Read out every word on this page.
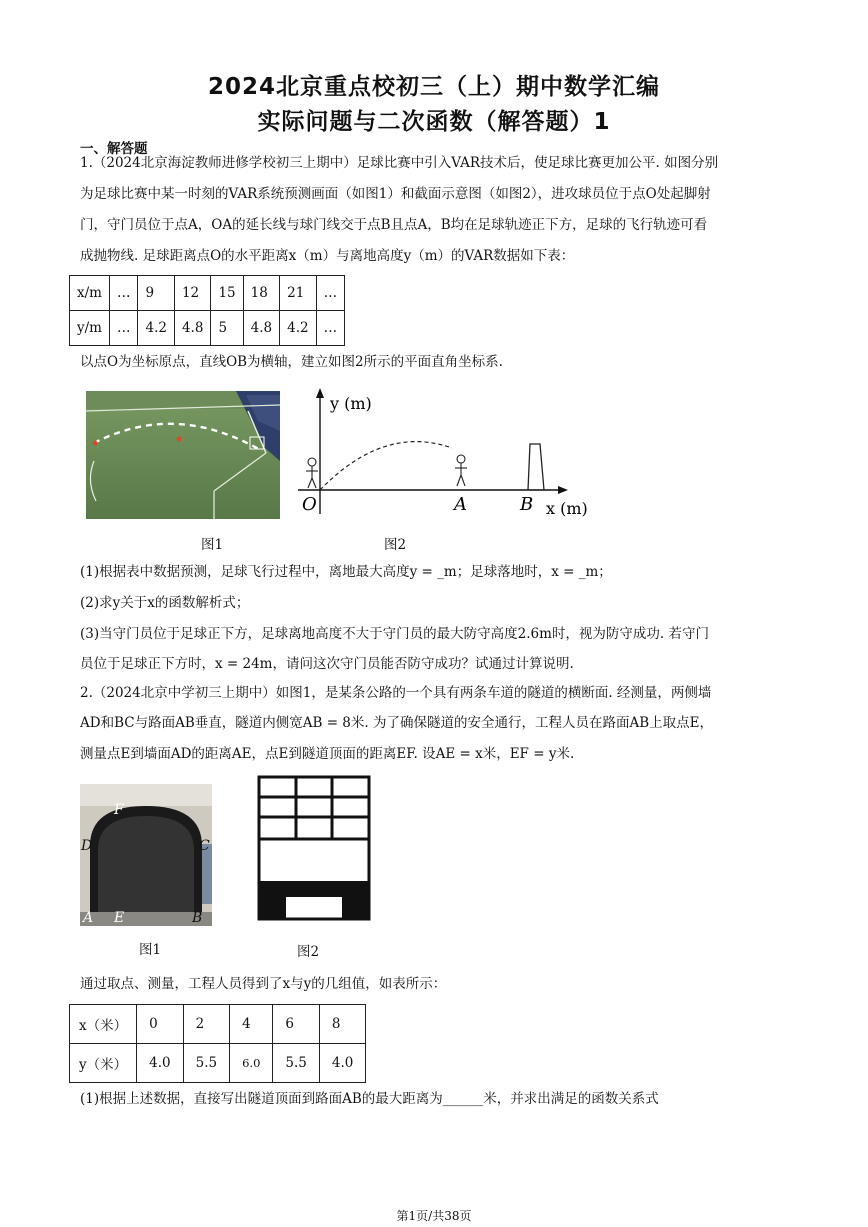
2024北京重点校初三（上）期中数学汇编
实际问题与二次函数（解答题）1
一、解答题

1.（2024北京海淀教师进修学校初三上期中）足球比赛中引入VAR技术后，使足球比赛更加公平. 如图分别

为足球比赛中某一时刻的VAR系统预测画面（如图1）和截面示意图（如图2），进攻球员位于点O处起脚射

门，守门员位于点A，OA的延长线与球门线交于点B且点A，B均在足球轨迹正下方，足球的飞行轨迹可看

成抛物线. 足球距离点O的水平距离x（m）与离地高度y（m）的VAR数据如下表：

x/m	…	9	12	15	18	21	…
y/m	…	4.2	4.8	5	4.8	4.2	…

以点O为坐标原点，直线OB为横轴，建立如图2所示的平面直角坐标系.

图1
y (m)
x (m)
O	A	B
图2

(1)根据表中数据预测，足球飞行过程中，离地最大高度y = _m；足球落地时，x = _m；

(2)求y关于x的函数解析式；

(3)当守门员位于足球正下方，足球离地高度不大于守门员的最大防守高度2.6m时，视为防守成功. 若守门

员位于足球正下方时，x = 24m，请问这次守门员能否防守成功？试通过计算说明.

2.（2024北京中学初三上期中）如图1，是某条公路的一个具有两条车道的隧道的横断面. 经测量，两侧墙

AD和BC与路面AB垂直，隧道内侧宽AB = 8米. 为了确保隧道的安全通行，工程人员在路面AB上取点E，

测量点E到墙面AD的距离AE，点E到隧道顶面的距离EF. 设AE = x米，EF = y米.

F
D	C
A E	B
图1	图2

通过取点、测量，工程人员得到了x与y的几组值，如表所示：

x（米）	0	2	4	6	8
y（米）	4.0	5.5	6.0	5.5	4.0

(1)根据上述数据，直接写出隧道顶面到路面AB的最大距离为______米，并求出满足的函数关系式

第1页/共38页
